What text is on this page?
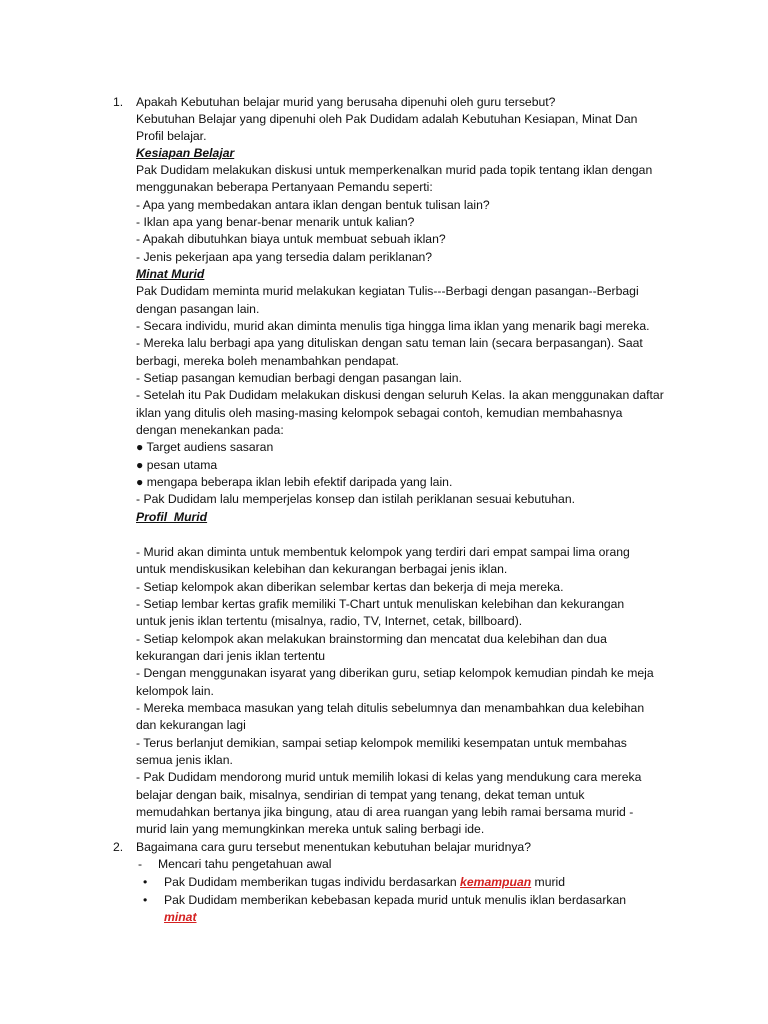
1. Apakah Kebutuhan belajar murid yang berusaha dipenuhi oleh guru tersebut?
Kebutuhan Belajar yang dipenuhi oleh Pak Dudidam adalah Kebutuhan Kesiapan, Minat Dan
Profil belajar.
Kesiapan Belajar
Pak Dudidam melakukan diskusi untuk memperkenalkan murid pada topik tentang iklan dengan
menggunakan beberapa Pertanyaan Pemandu seperti:
- Apa yang membedakan antara iklan dengan bentuk tulisan lain?
- Iklan apa yang benar-benar menarik untuk kalian?
- Apakah dibutuhkan biaya untuk membuat sebuah iklan?
- Jenis pekerjaan apa yang tersedia dalam periklanan?
Minat Murid
Pak Dudidam meminta murid melakukan kegiatan Tulis---Berbagi dengan pasangan--Berbagi
dengan pasangan lain.
- Secara individu, murid akan diminta menulis tiga hingga lima iklan yang menarik bagi mereka.
- Mereka lalu berbagi apa yang dituliskan dengan satu teman lain (secara berpasangan). Saat
berbagi, mereka boleh menambahkan pendapat.
- Setiap pasangan kemudian berbagi dengan pasangan lain.
- Setelah itu Pak Dudidam melakukan diskusi dengan seluruh Kelas. Ia akan menggunakan daftar
iklan yang ditulis oleh masing-masing kelompok sebagai contoh, kemudian membahasnya
dengan menekankan pada:
● Target audiens sasaran
● pesan utama
● mengapa beberapa iklan lebih efektif daripada yang lain.
- Pak Dudidam lalu memperjelas konsep dan istilah periklanan sesuai kebutuhan.
Profil  Murid
- Murid akan diminta untuk membentuk kelompok yang terdiri dari empat sampai lima orang
untuk mendiskusikan kelebihan dan kekurangan berbagai jenis iklan.
- Setiap kelompok akan diberikan selembar kertas dan bekerja di meja mereka.
- Setiap lembar kertas grafik memiliki T-Chart untuk menuliskan kelebihan dan kekurangan
untuk jenis iklan tertentu (misalnya, radio, TV, Internet, cetak, billboard).
- Setiap kelompok akan melakukan brainstorming dan mencatat dua kelebihan dan dua
kekurangan dari jenis iklan tertentu
- Dengan menggunakan isyarat yang diberikan guru, setiap kelompok kemudian pindah ke meja
kelompok lain.
- Mereka membaca masukan yang telah ditulis sebelumnya dan menambahkan dua kelebihan
dan kekurangan lagi
- Terus berlanjut demikian, sampai setiap kelompok memiliki kesempatan untuk membahas
semua jenis iklan.
- Pak Dudidam mendorong murid untuk memilih lokasi di kelas yang mendukung cara mereka
belajar dengan baik, misalnya, sendirian di tempat yang tenang, dekat teman untuk
memudahkan bertanya jika bingung, atau di area ruangan yang lebih ramai bersama murid -
murid lain yang memungkinkan mereka untuk saling berbagi ide.
2. Bagaimana cara guru tersebut menentukan kebutuhan belajar muridnya?
- Mencari tahu pengetahuan awal
• Pak Dudidam memberikan tugas individu berdasarkan kemampuan murid
• Pak Dudidam memberikan kebebasan kepada murid untuk menulis iklan berdasarkan
minat
